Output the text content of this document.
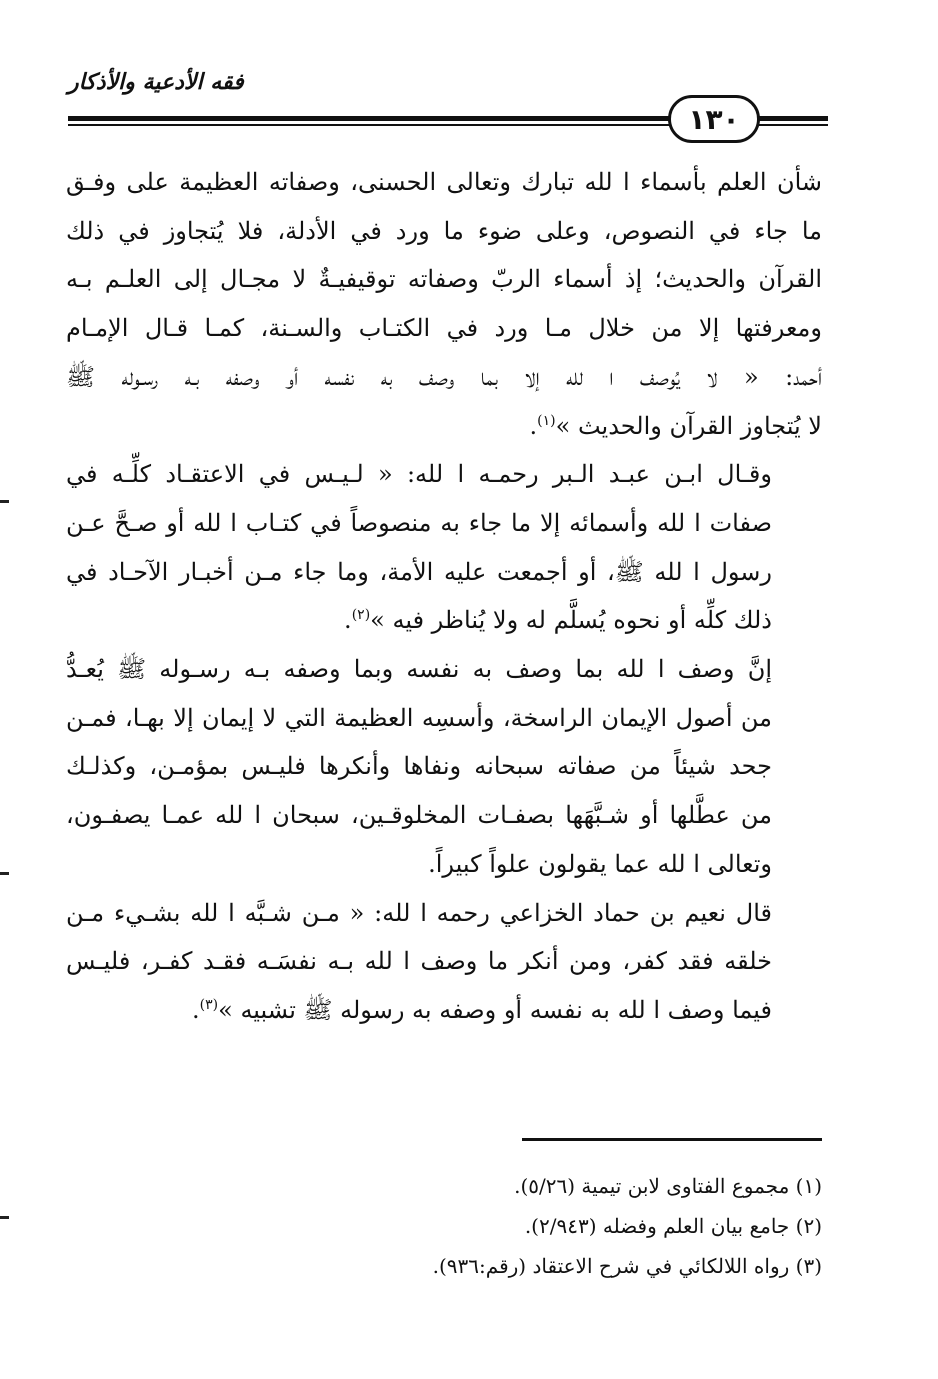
فقه الأدعية والأذكار
١٣٠

شأن العلم بأسماء ا لله تبارك وتعالى الحسنى، وصفاته العظيمة على وفـق
ما جاء في النصوص، وعلى ضوء ما ورد في الأدلة، فلا يُتجاوز في ذلك
القرآن والحديث؛ إذ أسماء الربّ وصفاته توقيفيـةٌ لا مجـال إلى العلـم بـه
ومعرفتها إلا من خلال مـا ورد في الكتـاب والسـنة، كمـا قـال الإمـام
أحمد: « لا يُوصف ا لله إلا بما وصف به نفسه أو وصفه بـه رسـوله ﷺ
لا يُتجاوز القرآن والحديث »$^{(١)}$.

وقـال ابـن عبـد الـبر رحمـه ا لله: « لـيـس في الاعتقـاد كلِّـه في
صفات ا لله وأسمائه إلا ما جاء به منصوصاً في كتـاب ا لله أو صـحَّ عـن
رسول ا لله ﷺ، أو أجمعت عليه الأمة، وما جاء مـن أخبـار الآحـاد في
ذلك كلِّه أو نحوه يُسلَّم له ولا يُناظر فيه »$^{(٢)}$.

إنَّ وصف ا لله بما وصف به نفسه وبما وصفه بـه رسـوله ﷺ يُعـدُّ
من أصول الإيمان الراسخة، وأسسِه العظيمة التي لا إيمان إلا بهـا، فمـن
جحد شيئاً من صفاته سبحانه ونفاها وأنكرها فليـس بمؤمـن، وكذلـك
من عطَّلها أو شـبَّهَها بصفـات المخلوقـين، سبحان ا لله عمـا يصفـون،
وتعالى ا لله عما يقولون علواً كبيراً.

قال نعيم بن حماد الخزاعي رحمه ا لله: « مـن شـبَّه ا لله بشـيء مـن
خلقه فقد كفر، ومن أنكر ما وصف ا لله بـه نفسَـه فقـد كفـر، فليـس
فيما وصف ا لله به نفسه أو وصفه به رسوله ﷺ تشبيه »$^{(٣)}$.

(١) مجموع الفتاوى لابن تيمية (٥/٢٦).
(٢) جامع بيان العلم وفضله (٢/٩٤٣).
(٣) رواه اللالكائي في شرح الاعتقاد (رقم:٩٣٦).
